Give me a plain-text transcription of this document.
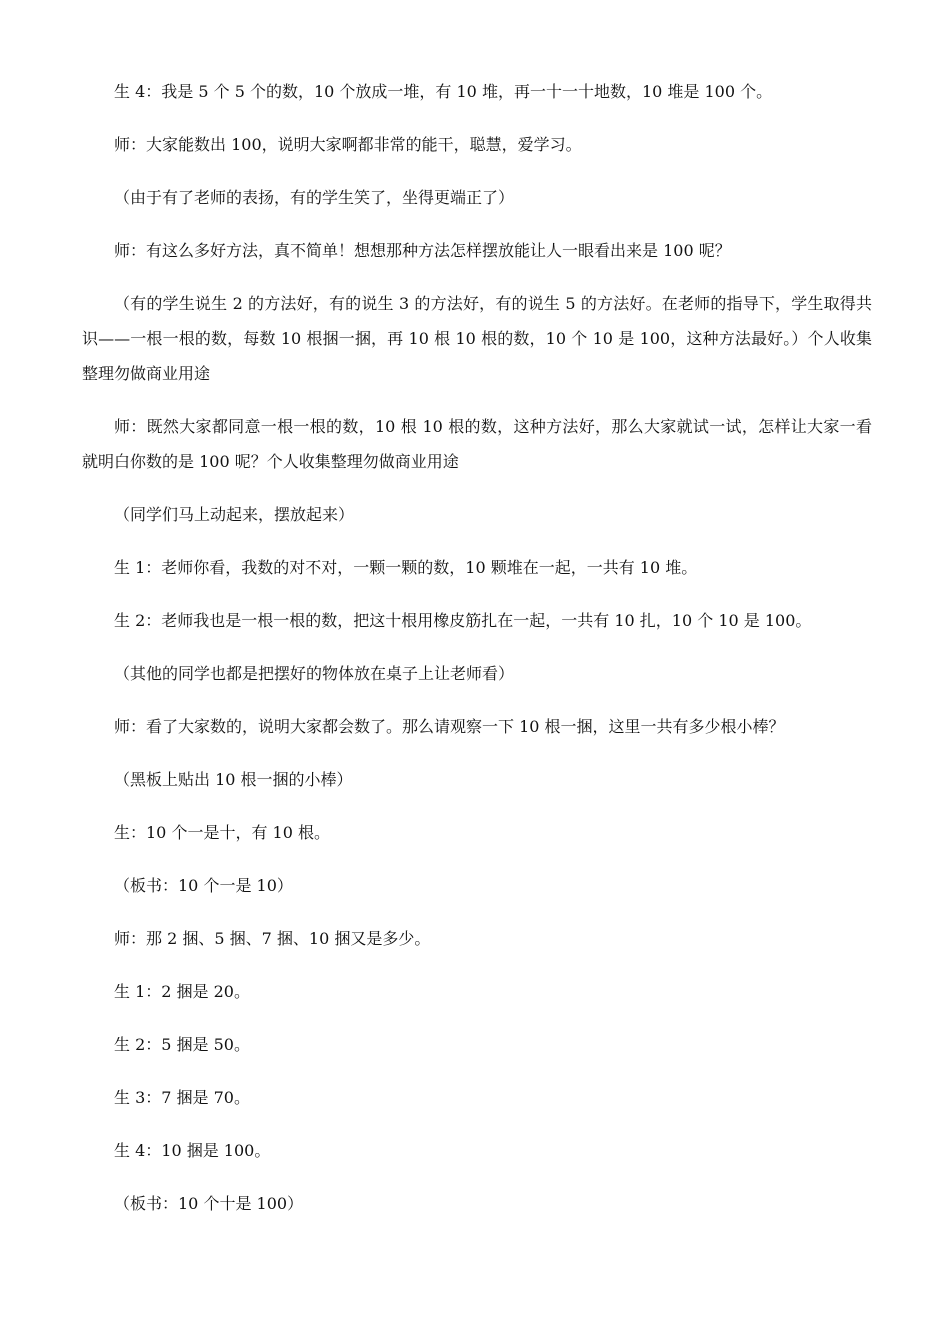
生 4：我是 5 个 5 个的数，10 个放成一堆，有 10 堆，再一十一十地数，10 堆是 100 个。

师：大家能数出 100，说明大家啊都非常的能干，聪慧，爱学习。

（由于有了老师的表扬，有的学生笑了，坐得更端正了）

师：有这么多好方法，真不简单！想想那种方法怎样摆放能让人一眼看出来是 100 呢？

（有的学生说生 2 的方法好，有的说生 3 的方法好，有的说生 5 的方法好。在老师的指导下，学生取得共识——一根一根的数，每数 10 根捆一捆，再 10 根 10 根的数，10 个 10 是 100，这种方法最好。）个人收集整理勿做商业用途

师：既然大家都同意一根一根的数，10 根 10 根的数，这种方法好，那么大家就试一试，怎样让大家一看就明白你数的是 100 呢？个人收集整理勿做商业用途

（同学们马上动起来，摆放起来）

生 1：老师你看，我数的对不对，一颗一颗的数，10 颗堆在一起，一共有 10 堆。

生 2：老师我也是一根一根的数，把这十根用橡皮筋扎在一起，一共有 10 扎，10 个 10 是 100。

（其他的同学也都是把摆好的物体放在桌子上让老师看）

师：看了大家数的，说明大家都会数了。那么请观察一下 10 根一捆，这里一共有多少根小棒？

（黑板上贴出 10 根一捆的小棒）

生：10 个一是十，有 10 根。

（板书：10 个一是 10）

师：那 2 捆、5 捆、7 捆、10 捆又是多少。

生 1：2 捆是 20。

生 2：5 捆是 50。

生 3：7 捆是 70。

生 4：10 捆是 100。

（板书：10 个十是 100）
